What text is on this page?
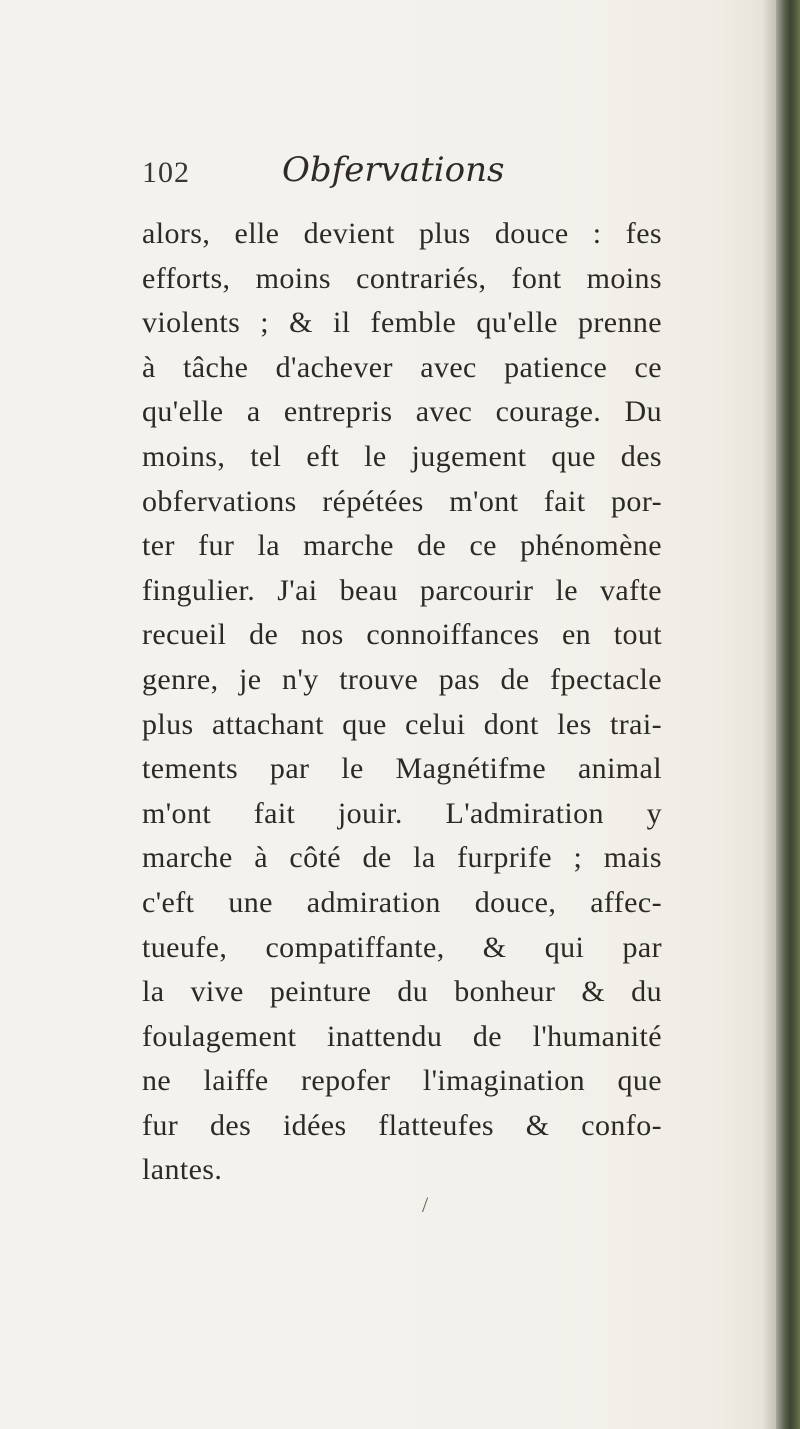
102	Obfervations
alors, elle devient plus douce : fes
efforts, moins contrariés, font moins
violents ; & il femble qu'elle prenne
à tâche d'achever avec patience ce
qu'elle a entrepris avec courage. Du
moins, tel eft le jugement que des
obfervations répétées m'ont fait por-
ter fur la marche de ce phénomène
fingulier. J'ai beau parcourir le vafte
recueil de nos connoiffances en tout
genre, je n'y trouve pas de fpectacle
plus attachant que celui dont les trai-
tements par le Magnétifme animal
m'ont fait jouir. L'admiration y
marche à côté de la furprife ; mais
c'eft une admiration douce, affec-
tueufe, compatiffante, & qui par
la vive peinture du bonheur & du
foulagement inattendu de l'humanité
ne laiffe repofer l'imagination que
fur des idées flatteufes & confo-
lantes.
/
